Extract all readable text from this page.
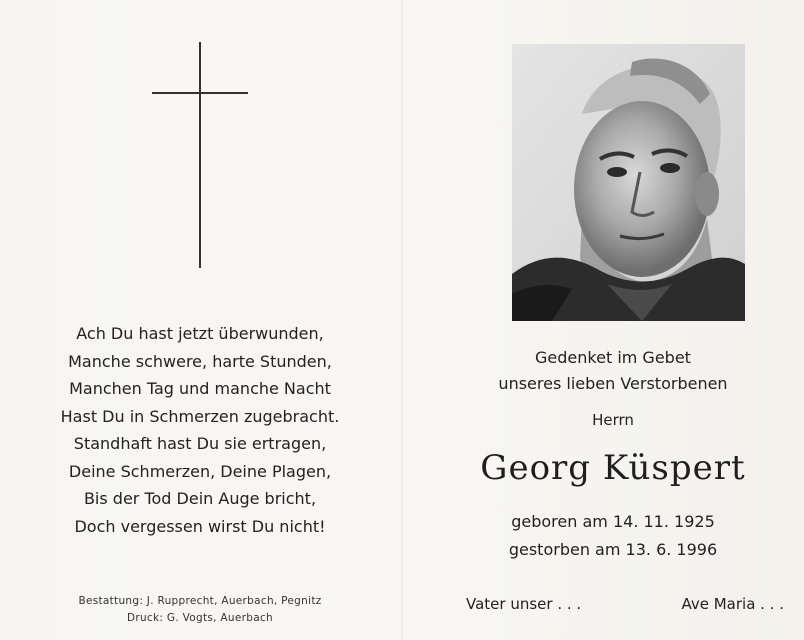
Ach Du hast jetzt überwunden,
Manche schwere, harte Stunden,
Manchen Tag und manche Nacht
Hast Du in Schmerzen zugebracht.
Standhaft hast Du sie ertragen,
Deine Schmerzen, Deine Plagen,
Bis der Tod Dein Auge bricht,
Doch vergessen wirst Du nicht!
Bestattung: J. Rupprecht, Auerbach, Pegnitz
Druck: G. Vogts, Auerbach
Gedenket im Gebet
unseres lieben Verstorbenen
Herrn
Georg Küspert
geboren am 14. 11. 1925
gestorben am 13. 6. 1996
Vater unser . . .	Ave Maria . . .
